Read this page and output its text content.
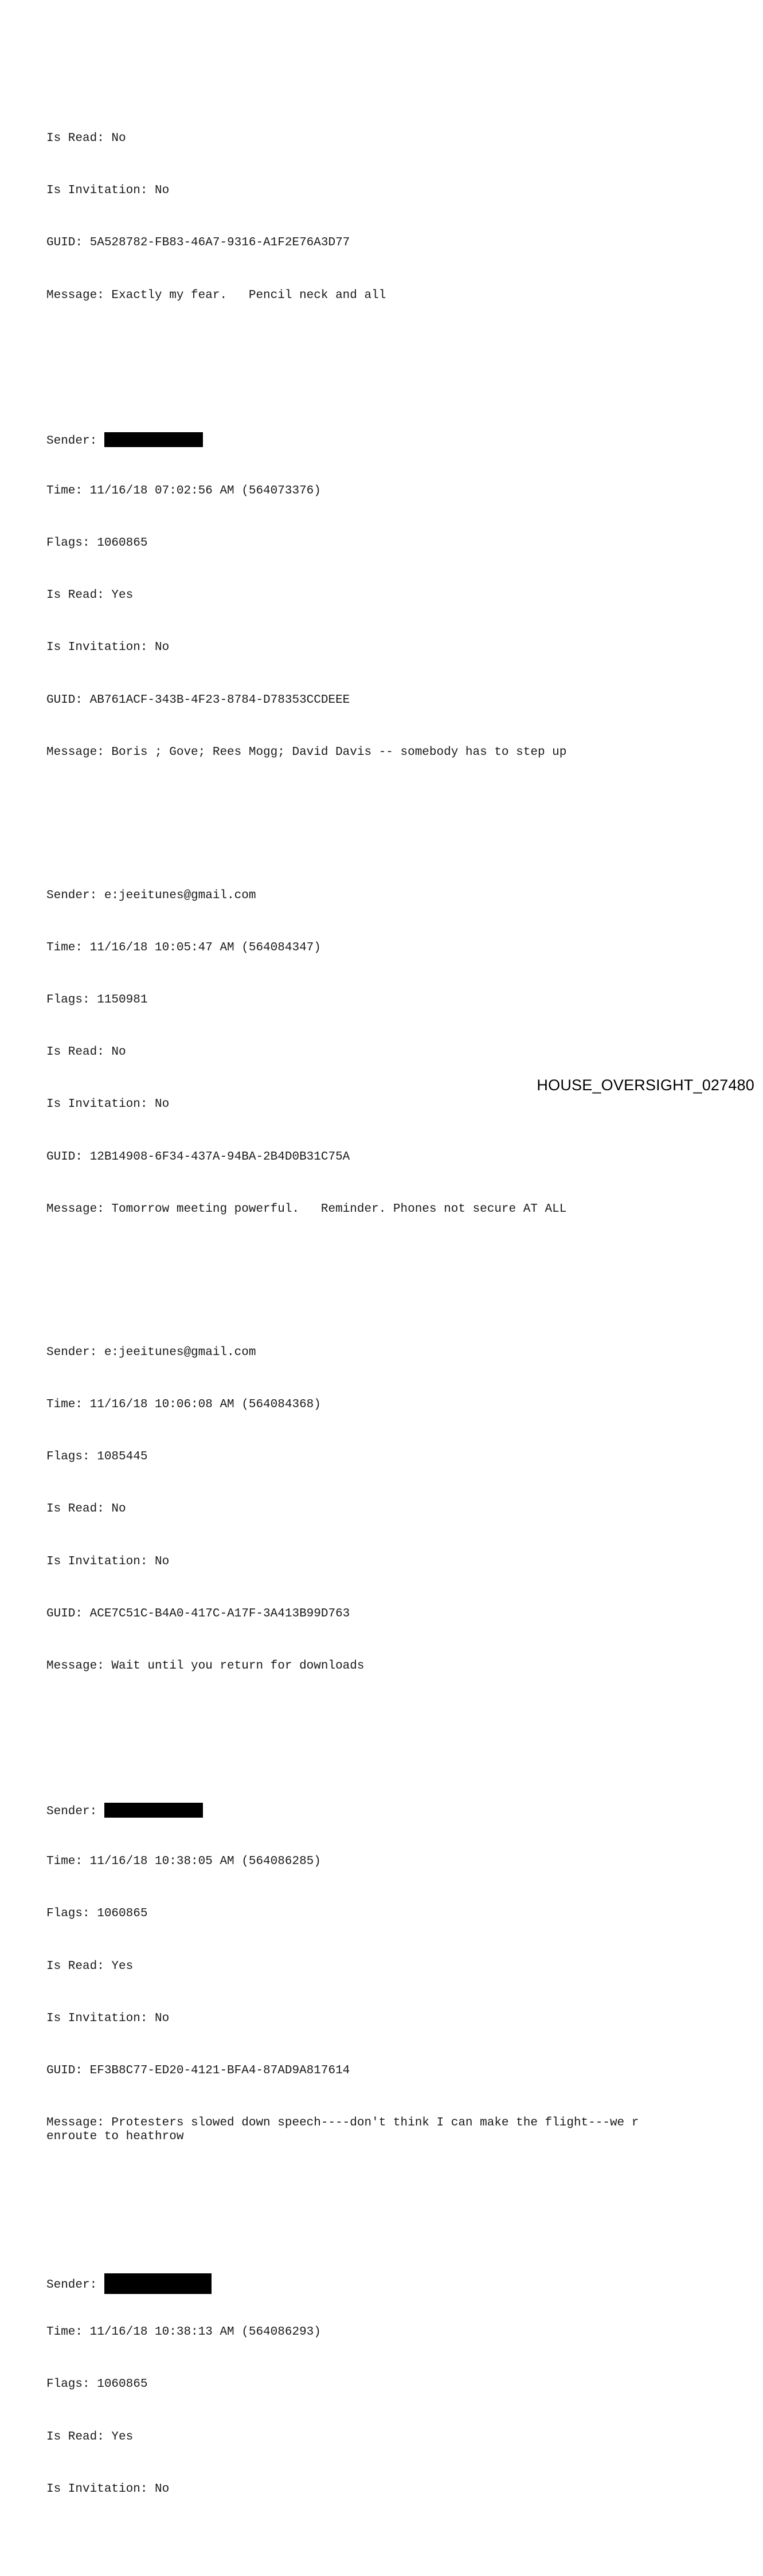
Is Read: No

Is Invitation: No

GUID: 5A528782-FB83-46A7-9316-A1F2E76A3D77

Message: Exactly my fear.   Pencil neck and all

Sender:

Time: 11/16/18 07:02:56 AM (564073376)

Flags: 1060865

Is Read: Yes

Is Invitation: No

GUID: AB761ACF-343B-4F23-8784-D78353CCDEEE

Message: Boris ; Gove; Rees Mogg; David Davis -- somebody has to step up

Sender: e:jeeitunes@gmail.com

Time: 11/16/18 10:05:47 AM (564084347)

Flags: 1150981

Is Read: No

Is Invitation: No

GUID: 12B14908-6F34-437A-94BA-2B4D0B31C75A

Message: Tomorrow meeting powerful.   Reminder. Phones not secure AT ALL

Sender: e:jeeitunes@gmail.com

Time: 11/16/18 10:06:08 AM (564084368)

Flags: 1085445

Is Read: No

Is Invitation: No

GUID: ACE7C51C-B4A0-417C-A17F-3A413B99D763

Message: Wait until you return for downloads

Sender:

Time: 11/16/18 10:38:05 AM (564086285)

Flags: 1060865

Is Read: Yes

Is Invitation: No

GUID: EF3B8C77-ED20-4121-BFA4-87AD9A817614

Message: Protesters slowed down speech----don't think I can make the flight---we r
enroute to heathrow

Sender:

Time: 11/16/18 10:38:13 AM (564086293)

Flags: 1060865

Is Read: Yes

Is Invitation: No

HOUSE_OVERSIGHT_027480
